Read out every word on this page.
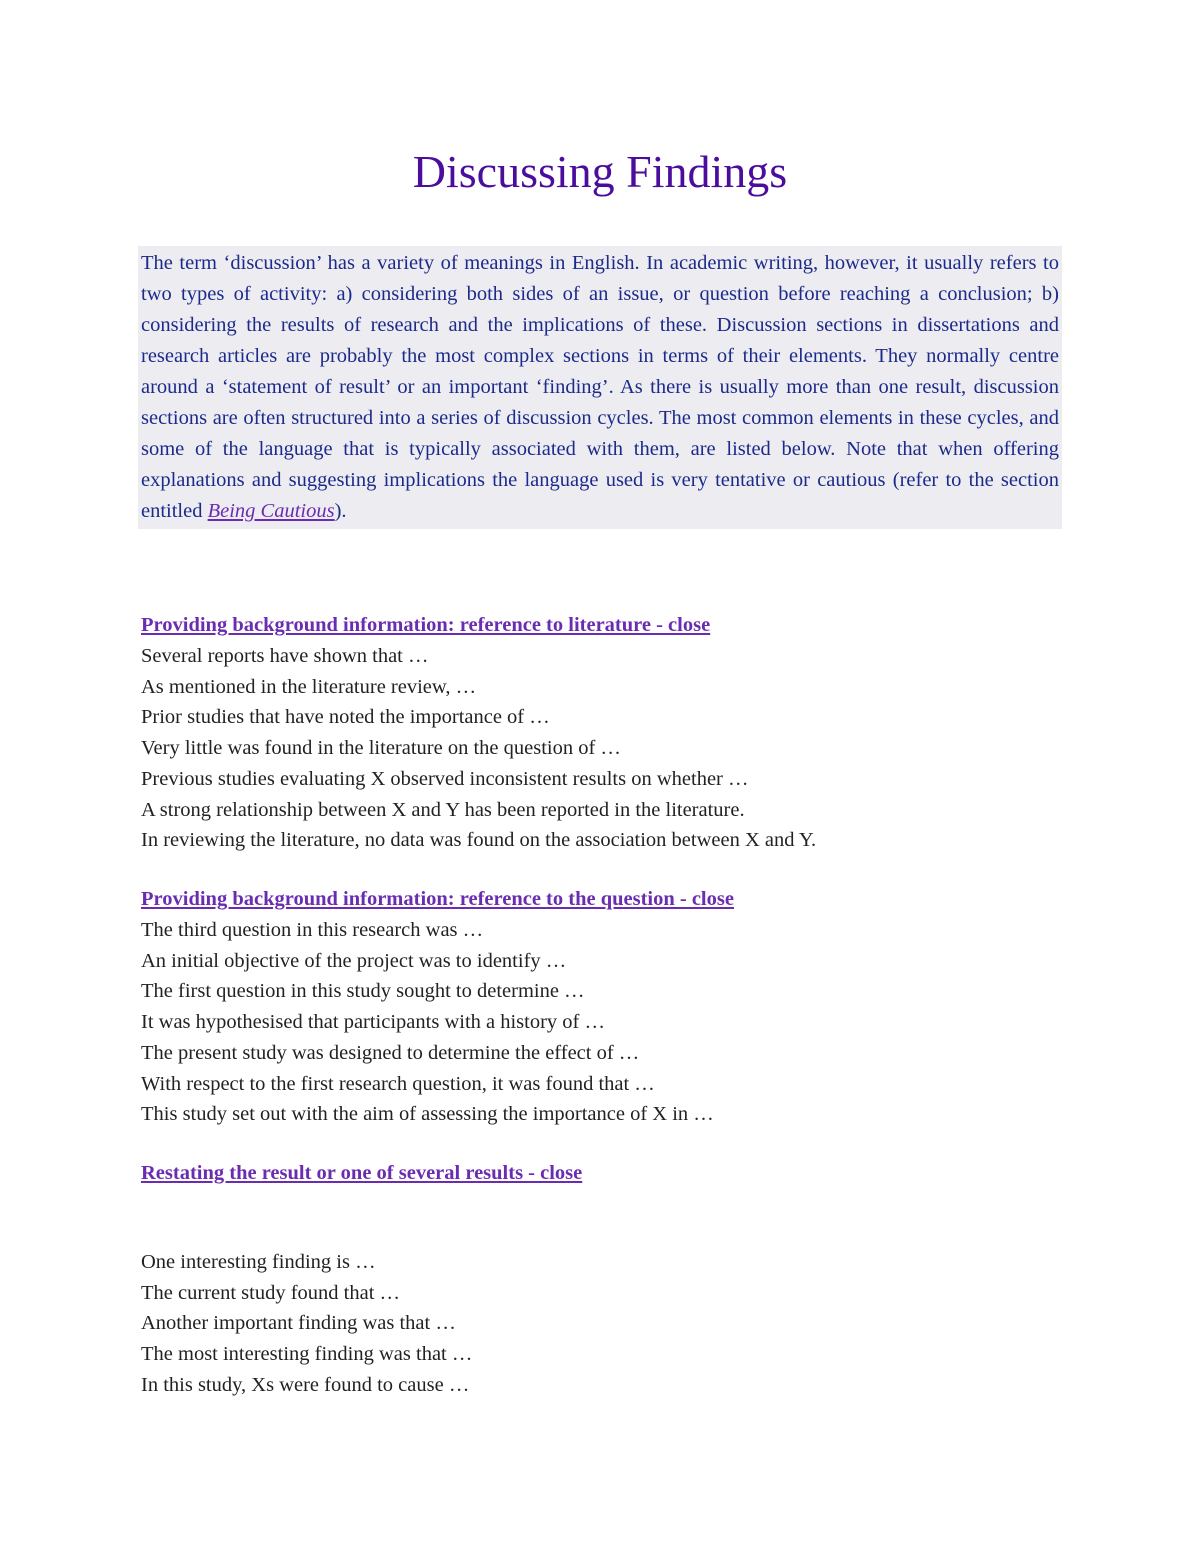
Discussing Findings
The term ‘discussion’ has a variety of meanings in English. In academic writing, however, it usually refers to two types of activity: a) considering both sides of an issue, or question before reaching a conclusion; b) considering the results of research and the implications of these. Discussion sections in dissertations and research articles are probably the most complex sections in terms of their elements. They normally centre around a ‘statement of result’ or an important ‘finding’. As there is usually more than one result, discussion sections are often structured into a series of discussion cycles. The most common elements in these cycles, and some of the language that is typically associated with them, are listed below. Note that when offering explanations and suggesting implications the language used is very tentative or cautious (refer to the section entitled Being Cautious).
Providing background information: reference to literature - close
Several reports have shown that …
As mentioned in the literature review, …
Prior studies that have noted the importance of …
Very little was found in the literature on the question of …
Previous studies evaluating X observed inconsistent results on whether …
A strong relationship between X and Y has been reported in the literature.
In reviewing the literature, no data was found on the association between X and Y.
Providing background information: reference to the question - close
The third question in this research was …
An initial objective of the project was to identify …
The first question in this study sought to determine …
It was hypothesised that participants with a history of …
The present study was designed to determine the effect of …
With respect to the first research question, it was found that …
This study set out with the aim of assessing the importance of X in …
Restating the result or one of several results - close
One interesting finding is …
The current study found that …
Another important finding was that …
The most interesting finding was that …
In this study, Xs were found to cause …
